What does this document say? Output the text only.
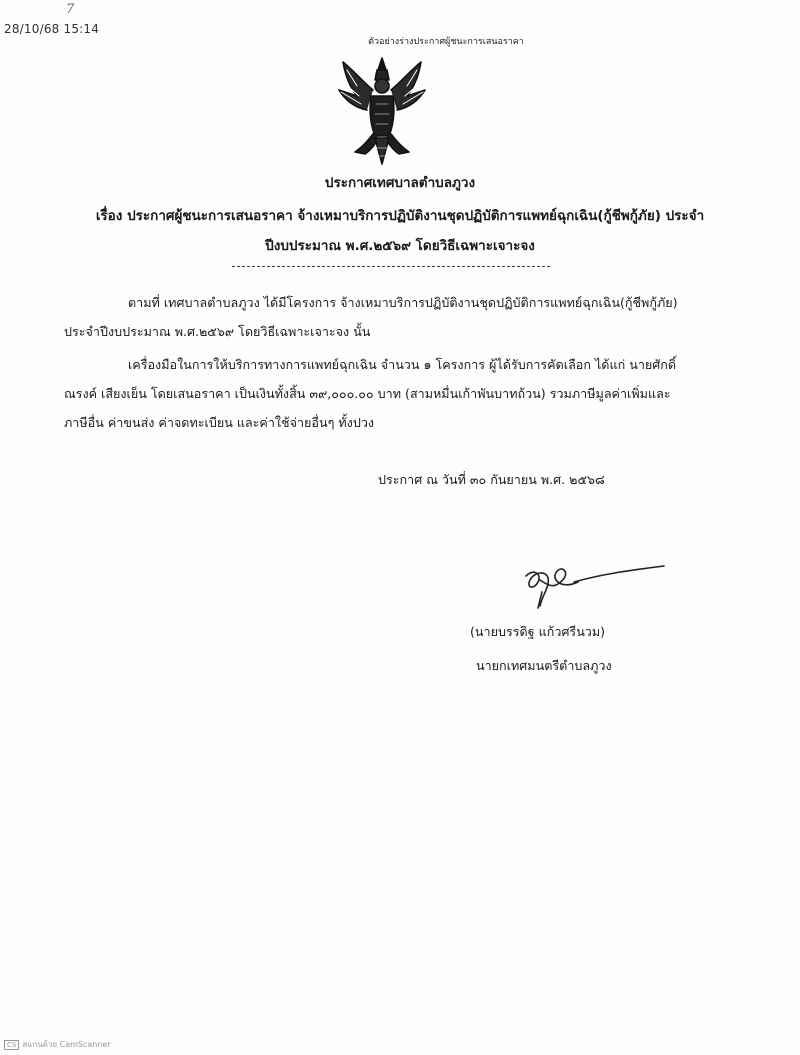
7
28/10/68 15:14
ตัวอย่างร่างประกาศผู้ชนะการเสนอราคา
ประกาศเทศบาลตำบลภูวง
เรื่อง ประกาศผู้ชนะการเสนอราคา จ้างเหมาบริการปฏิบัติงานชุดปฏิบัติการแพทย์ฉุกเฉิน(กู้ชีพกู้ภัย) ประจำ
ปีงบประมาณ พ.ศ.๒๕๖๙ โดยวิธีเฉพาะเจาะจง
ตามที่ เทศบาลตำบลภูวง ได้มีโครงการ จ้างเหมาบริการปฏิบัติงานชุดปฏิบัติการแพทย์ฉุกเฉิน(กู้ชีพกู้ภัย)
ประจำปีงบประมาณ พ.ศ.๒๕๖๙ โดยวิธีเฉพาะเจาะจง นั้น
เครื่องมือในการให้บริการทางการแพทย์ฉุกเฉิน จำนวน ๑ โครงการ ผู้ได้รับการคัดเลือก ได้แก่ นายศักดิ์
ณรงค์ เสียงเย็น โดยเสนอราคา เป็นเงินทั้งสิ้น ๓๙,๐๐๐.๐๐ บาท (สามหมื่นเก้าพันบาทถ้วน) รวมภาษีมูลค่าเพิ่มและ
ภาษีอื่น ค่าขนส่ง ค่าจดทะเบียน และค่าใช้จ่ายอื่นๆ ทั้งปวง
ประกาศ ณ วันที่ ๓๐ กันยายน พ.ศ. ๒๕๖๘
(นายบรรดิฐ แก้วศรีนวม)
นายกเทศมนตรีตำบลภูวง
CS สแกนด้วย CamScanner
